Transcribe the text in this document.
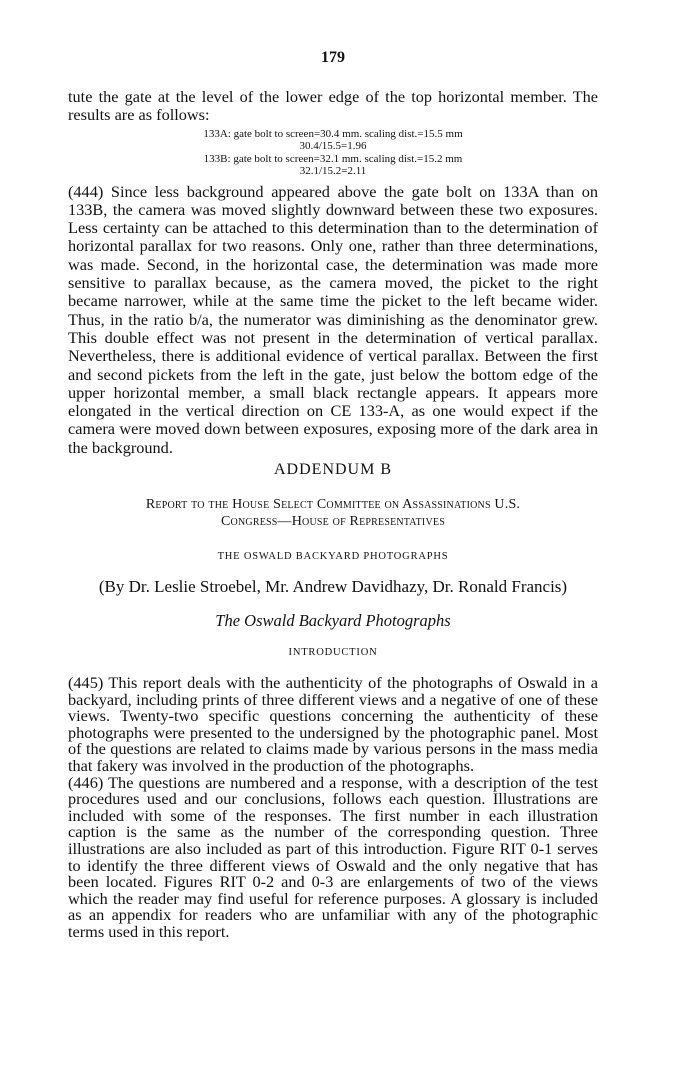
179

tute the gate at the level of the lower edge of the top horizontal member. The results are as follows:

133A: gate bolt to screen=30.4 mm. scaling dist.=15.5 mm
30.4/15.5=1.96
133B: gate bolt to screen=32.1 mm. scaling dist.=15.2 mm
32.1/15.2=2.11

(444) Since less background appeared above the gate bolt on 133A than on 133B, the camera was moved slightly downward between these two exposures. Less certainty can be attached to this determination than to the determination of horizontal parallax for two reasons. Only one, rather than three determinations, was made. Second, in the horizontal case, the determination was made more sensitive to parallax because, as the camera moved, the picket to the right became narrower, while at the same time the picket to the left became wider. Thus, in the ratio b/a, the numerator was diminishing as the denominator grew. This double effect was not present in the determination of vertical parallax. Nevertheless, there is additional evidence of vertical parallax. Between the first and second pickets from the left in the gate, just below the bottom edge of the upper horizontal member, a small black rectangle appears. It appears more elongated in the vertical direction on CE 133-A, as one would expect if the camera were moved down between exposures, exposing more of the dark area in the background.

ADDENDUM B
Report to the House Select Committee on Assassinations U.S.
Congress—House of Representatives
THE OSWALD BACKYARD PHOTOGRAPHS
(By Dr. Leslie Stroebel, Mr. Andrew Davidhazy, Dr. Ronald Francis)
The Oswald Backyard Photographs
INTRODUCTION

(445) This report deals with the authenticity of the photographs of Oswald in a backyard, including prints of three different views and a negative of one of these views. Twenty-two specific questions concerning the authenticity of these photographs were presented to the undersigned by the photographic panel. Most of the questions are related to claims made by various persons in the mass media that fakery was involved in the production of the photographs.

(446) The questions are numbered and a response, with a description of the test procedures used and our conclusions, follows each question. Illustrations are included with some of the responses. The first number in each illustration caption is the same as the number of the corresponding question. Three illustrations are also included as part of this introduction. Figure RIT 0-1 serves to identify the three different views of Oswald and the only negative that has been located. Figures RIT 0-2 and 0-3 are enlargements of two of the views which the reader may find useful for reference purposes. A glossary is included as an appendix for readers who are unfamiliar with any of the photographic terms used in this report.
